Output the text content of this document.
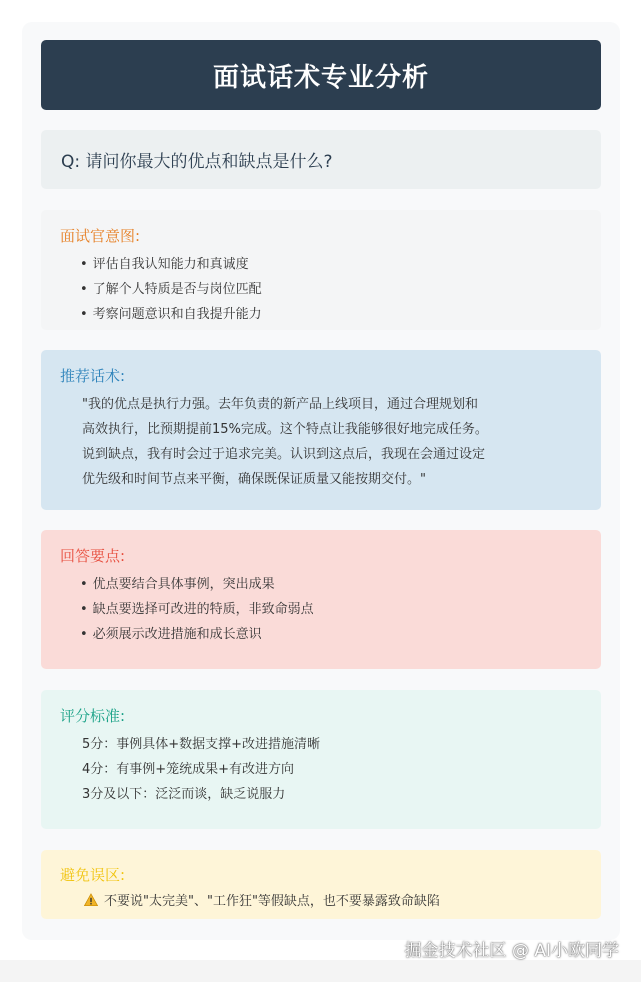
面试话术专业分析
Q: 请问你最大的优点和缺点是什么?
面试官意图:
• 评估自我认知能力和真诚度
• 了解个人特质是否与岗位匹配
• 考察问题意识和自我提升能力
推荐话术:
"我的优点是执行力强。去年负责的新产品上线项目，通过合理规划和
高效执行，比预期提前15%完成。这个特点让我能够很好地完成任务。
说到缺点，我有时会过于追求完美。认识到这点后，我现在会通过设定
优先级和时间节点来平衡，确保既保证质量又能按期交付。"
回答要点:
• 优点要结合具体事例，突出成果
• 缺点要选择可改进的特质，非致命弱点
• 必须展示改进措施和成长意识
评分标准:
5分：事例具体+数据支撑+改进措施清晰
4分：有事例+笼统成果+有改进方向
3分及以下：泛泛而谈，缺乏说服力
避免误区:
不要说"太完美"、"工作狂"等假缺点，也不要暴露致命缺陷
掘金技术社区 @ AI小欧同学
